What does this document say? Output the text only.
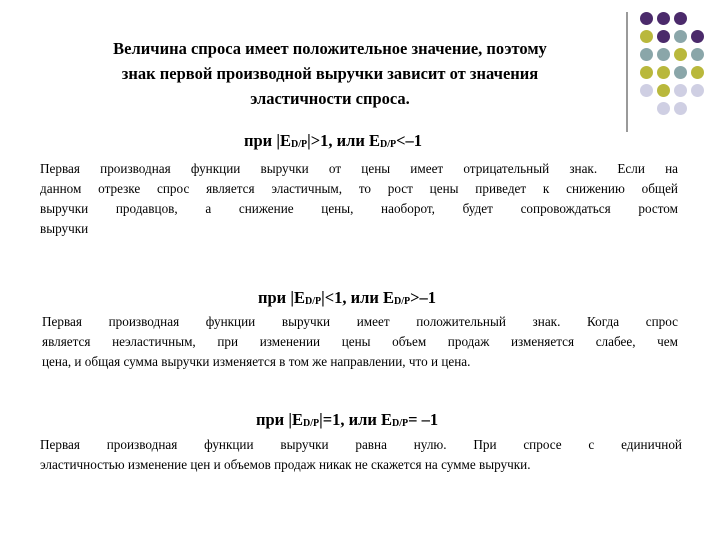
Величина спроса имеет положительное значение, поэтому
знак первой производной выручки зависит от значения
эластичности спроса.
при $|E_{D/P}|>1$, или $E_{D/P}<-1$
Первая производная функции выручки от цены имеет отрицательный знак. Если на
данном отрезке спрос является эластичным, то рост цены приведет к снижению общей
выручки продавцов, а снижение цены, наоборот, будет сопровождаться ростом
выручки
при $|E_{D/P}|<1$, или $E_{D/P}>-1$
Первая производная функции выручки имеет положительный знак. Когда спрос
является неэластичным, при изменении цены объем продаж изменяется слабее, чем
цена, и общая сумма выручки изменяется в том же направлении, что и цена.
при $|E_{D/P}|=1$, или $E_{D/P}= -1$
Первая производная функции выручки равна нулю. При спросе с единичной
эластичностью изменение цен и объемов продаж никак не скажется на сумме выручки.
